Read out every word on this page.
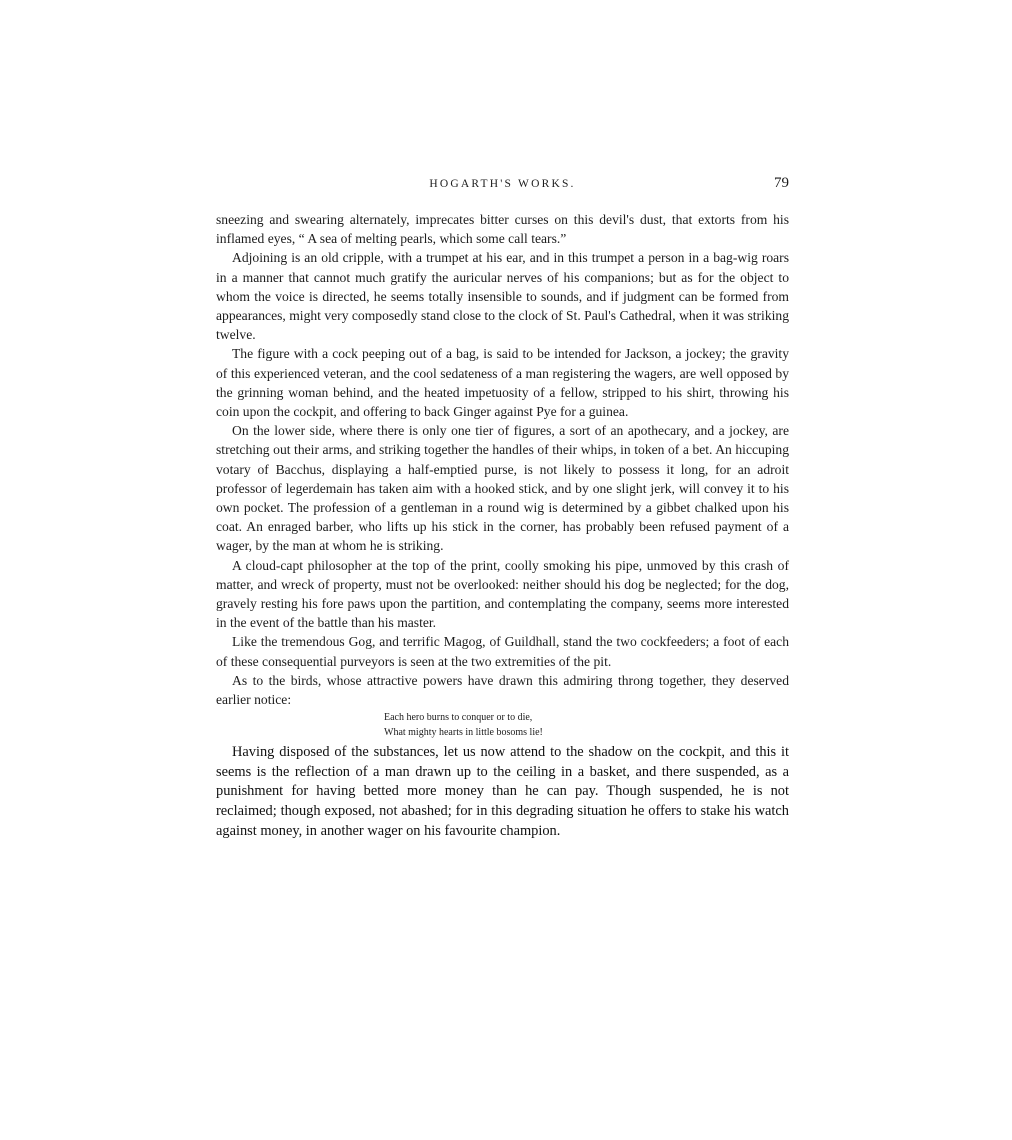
HOGARTH'S WORKS.	79

sneezing and swearing alternately, imprecates bitter curses on this devil's dust, that extorts from his inflamed eyes, “ A sea of melting pearls, which some call tears.”

Adjoining is an old cripple, with a trumpet at his ear, and in this trumpet a person in a bag-wig roars in a manner that cannot much gratify the auricular nerves of his companions; but as for the object to whom the voice is directed, he seems totally insensible to sounds, and if judgment can be formed from appearances, might very composedly stand close to the clock of St. Paul's Cathedral, when it was striking twelve.

The figure with a cock peeping out of a bag, is said to be intended for Jackson, a jockey; the gravity of this experienced veteran, and the cool sedateness of a man registering the wagers, are well opposed by the grinning woman behind, and the heated impetuosity of a fellow, stripped to his shirt, throwing his coin upon the cockpit, and offering to back Ginger against Pye for a guinea.

On the lower side, where there is only one tier of figures, a sort of an apothecary, and a jockey, are stretching out their arms, and striking together the handles of their whips, in token of a bet. An hiccuping votary of Bacchus, displaying a half-emptied purse, is not likely to possess it long, for an adroit professor of legerdemain has taken aim with a hooked stick, and by one slight jerk, will convey it to his own pocket. The profession of a gentleman in a round wig is determined by a gibbet chalked upon his coat. An enraged barber, who lifts up his stick in the corner, has probably been refused payment of a wager, by the man at whom he is striking.

A cloud-capt philosopher at the top of the print, coolly smoking his pipe, unmoved by this crash of matter, and wreck of property, must not be overlooked: neither should his dog be neglected; for the dog, gravely resting his fore paws upon the partition, and contemplating the company, seems more interested in the event of the battle than his master.

Like the tremendous Gog, and terrific Magog, of Guildhall, stand the two cockfeeders; a foot of each of these consequential purveyors is seen at the two extremities of the pit.

As to the birds, whose attractive powers have drawn this admiring throng together, they deserved earlier notice:

Each hero burns to conquer or to die,
What mighty hearts in little bosoms lie!

Having disposed of the substances, let us now attend to the shadow on the cockpit, and this it seems is the reflection of a man drawn up to the ceiling in a basket, and there suspended, as a punishment for having betted more money than he can pay. Though suspended, he is not reclaimed; though exposed, not abashed; for in this degrading situation he offers to stake his watch against money, in another wager on his favourite champion.
